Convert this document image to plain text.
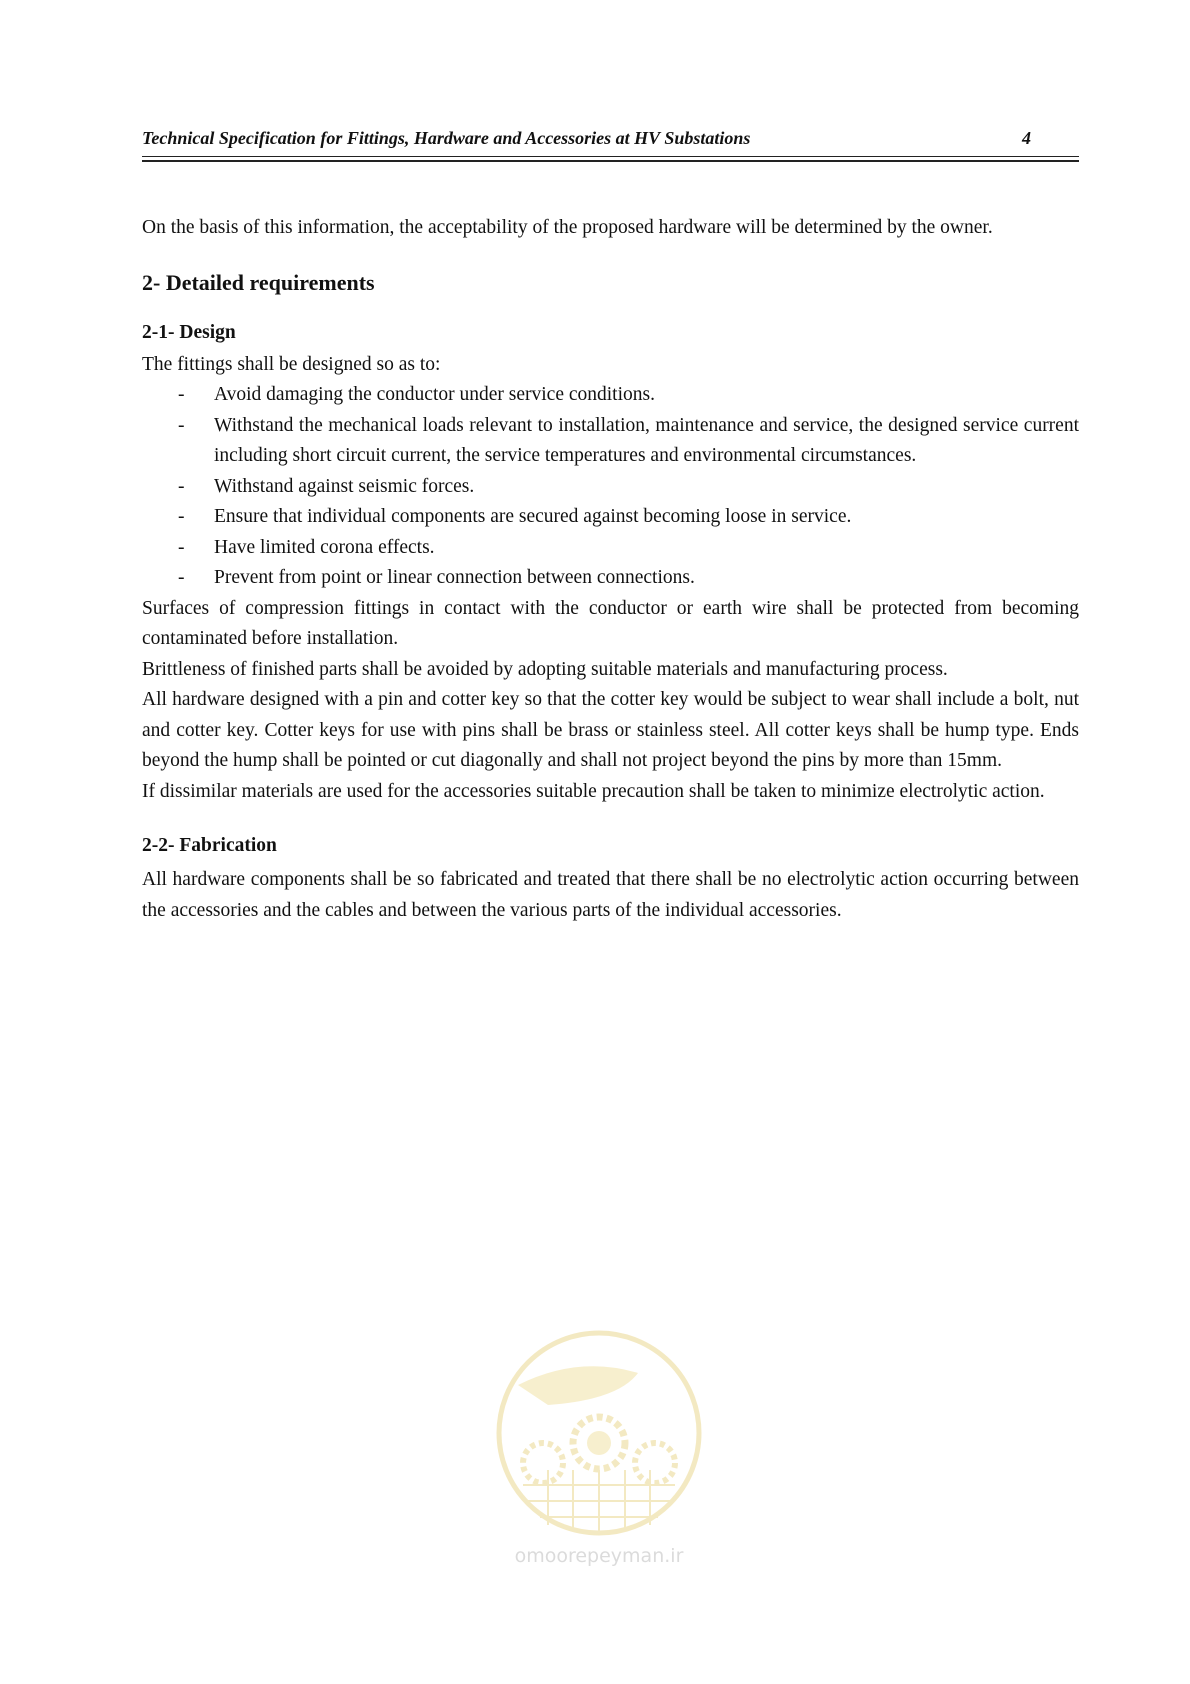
Technical Specification for Fittings, Hardware and Accessories at HV Substations	4

On the basis of this information, the acceptability of the proposed hardware will be determined by the owner.

2- Detailed requirements
2-1- Design

The fittings shall be designed so as to:

- Avoid damaging the conductor under service conditions.
- Withstand the mechanical loads relevant to installation, maintenance and service, the designed service current including short circuit current, the service temperatures and environmental circumstances.
- Withstand against seismic forces.
- Ensure that individual components are secured against becoming loose in service.
- Have limited corona effects.
- Prevent from point or linear connection between connections.

Surfaces of compression fittings in contact with the conductor or earth wire shall be protected from becoming contaminated before installation.

Brittleness of finished parts shall be avoided by adopting suitable materials and manufacturing process.

All hardware designed with a pin and cotter key so that the cotter key would be subject to wear shall include a bolt, nut and cotter key. Cotter keys for use with pins shall be brass or stainless steel. All cotter keys shall be hump type. Ends beyond the hump shall be pointed or cut diagonally and shall not project beyond the pins by more than 15mm.

If dissimilar materials are used for the accessories suitable precaution shall be taken to minimize electrolytic action.

2-2- Fabrication

All hardware components shall be so fabricated and treated that there shall be no electrolytic action occurring between the accessories and the cables and between the various parts of the individual accessories.

omoorepeyman.ir
